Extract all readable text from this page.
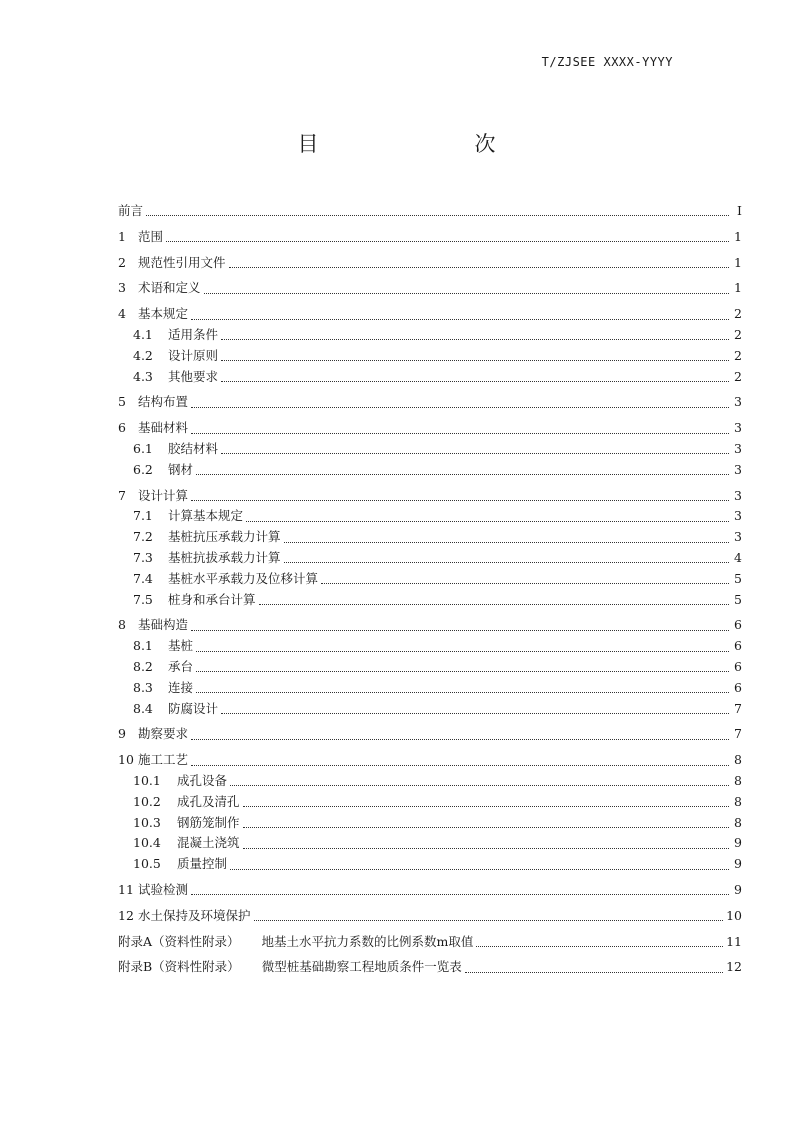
T/ZJSEE XXXX-YYYY
目　　次
前言	I
1 范围	1
2 规范性引用文件	1
3 术语和定义	1
4 基本规定	2
4.1	适用条件	2
4.2	设计原则	2
4.3	其他要求	2
5 结构布置	3
6 基础材料	3
6.1	胶结材料	3
6.2	钢材	3
7 设计计算	3
7.1	计算基本规定	3
7.2	基桩抗压承载力计算	3
7.3	基桩抗拔承载力计算	4
7.4	基桩水平承载力及位移计算	5
7.5	桩身和承台计算	5
8 基础构造	6
8.1	基桩	6
8.2	承台	6
8.3	连接	6
8.4	防腐设计	7
9 勘察要求	7
10 施工工艺	8
10.1	成孔设备	8
10.2	成孔及清孔	8
10.3	钢筋笼制作	8
10.4	混凝土浇筑	9
10.5	质量控制	9
11 试验检测	9
12 水土保持及环境保护	10
附录A（资料性附录） 地基土水平抗力系数的比例系数m取值	11
附录B（资料性附录） 微型桩基础勘察工程地质条件一览表	12
